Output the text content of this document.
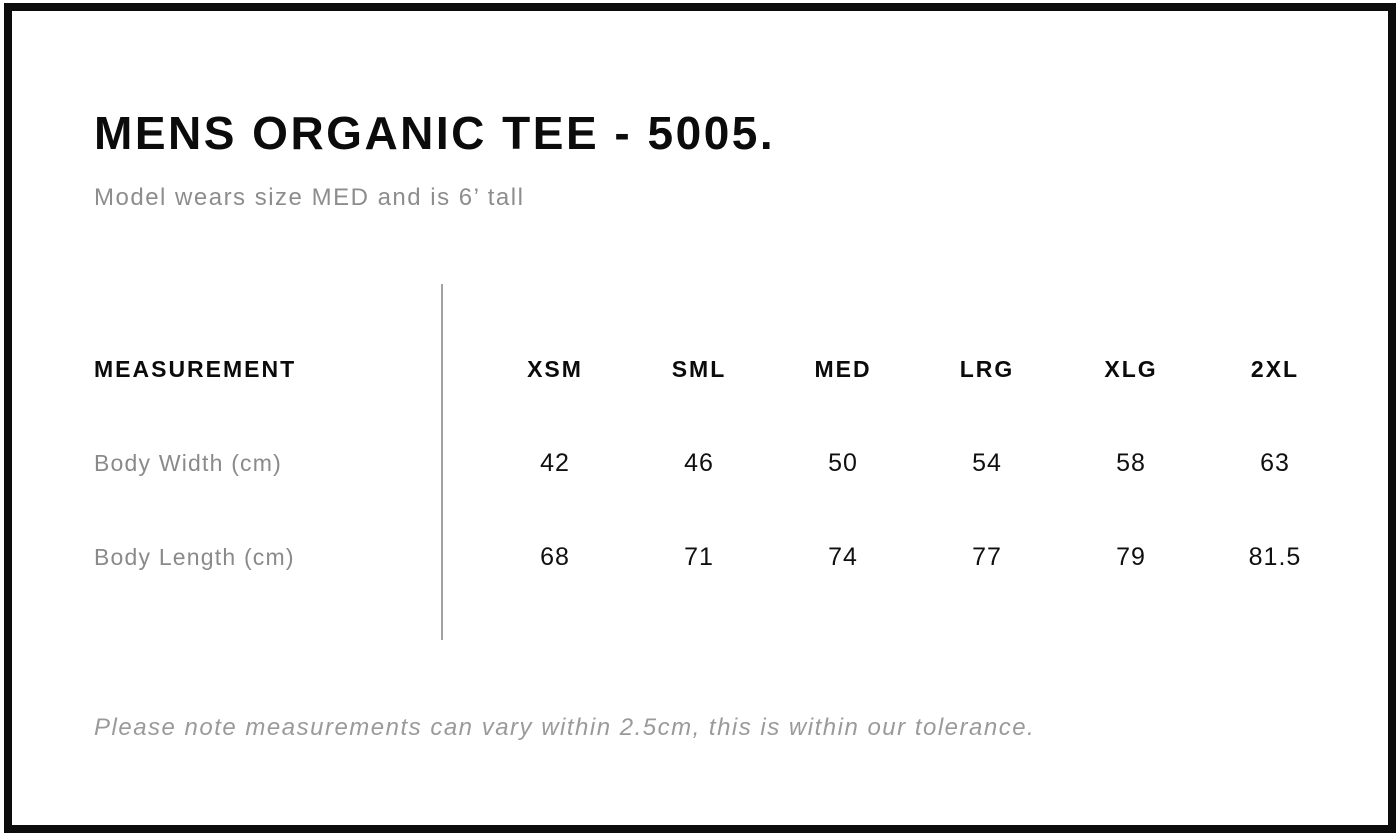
MENS ORGANIC TEE - 5005.

Model wears size MED and is 6’ tall

MEASUREMENT	XSM	SML	MED	LRG	XLG	2XL
Body Width (cm)	42	46	50	54	58	63
Body Length (cm)	68	71	74	77	79	81.5

Please note measurements can vary within 2.5cm, this is within our tolerance.
